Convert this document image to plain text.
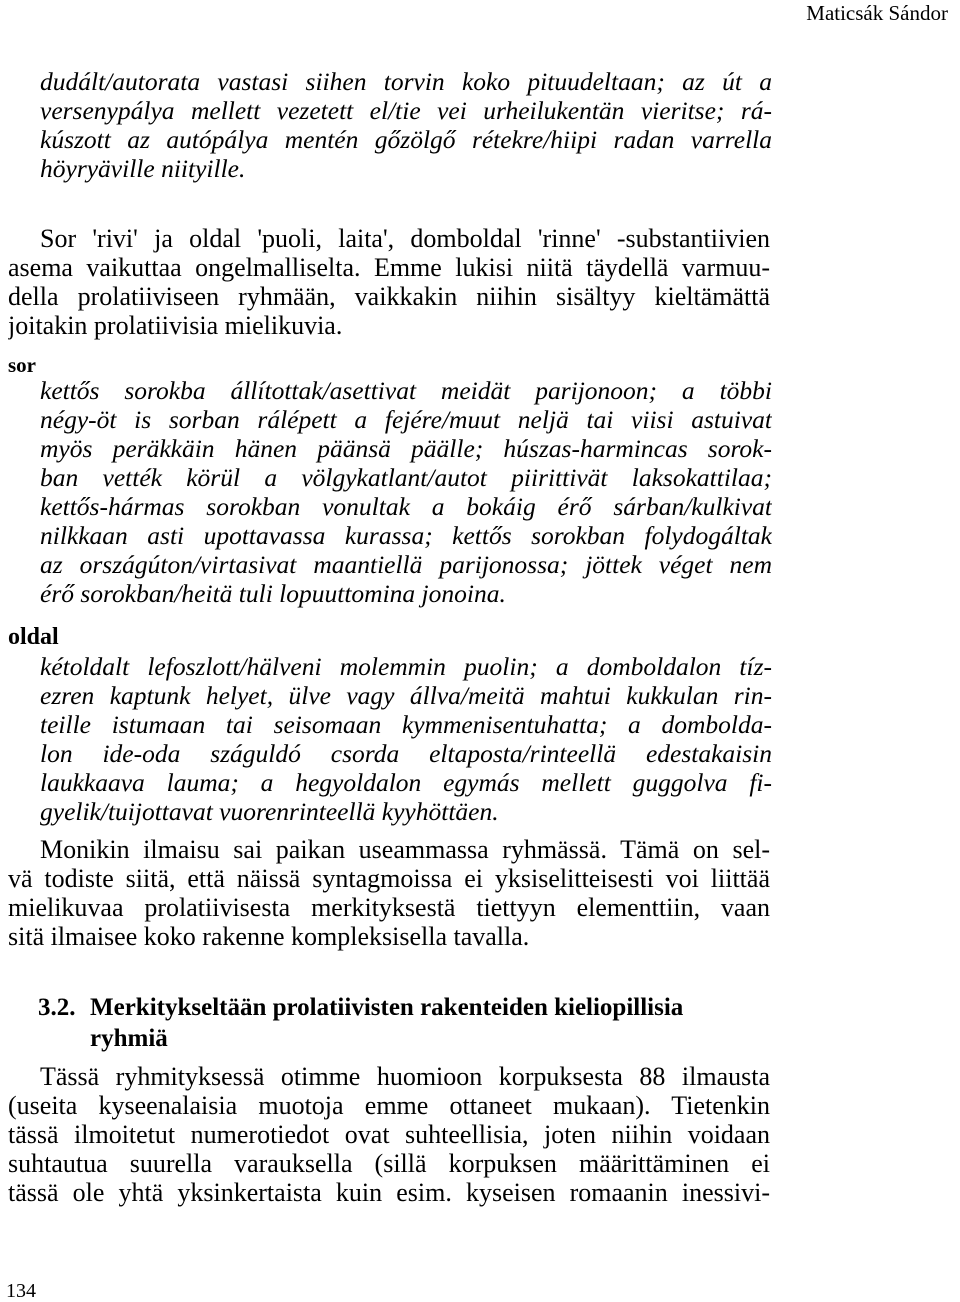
Maticsák Sándor
dudált/autorata vastasi siihen torvin koko pituudeltaan; az út a
versenypálya mellett vezetett el/tie vei urheilukentän vieritse; rá-
kúszott az autópálya mentén gőzölgő rétekre/hiipi radan varrella
höyryäville niityille.
Sor 'rivi' ja oldal 'puoli, laita', domboldal 'rinne' -substantiivien
asema vaikuttaa ongelmalliselta. Emme lukisi niitä täydellä varmuu-
della prolatiiviseen ryhmään, vaikkakin niihin sisältyy kieltämättä
joitakin prolatiivisia mielikuvia.
sor
kettős sorokba állítottak/asettivat meidät parijonoon; a többi
négy-öt is sorban rálépett a fejére/muut neljä tai viisi astuivat
myös peräkkäin hänen päänsä päälle; húszas-harmincas sorok-
ban vették körül a völgykatlant/autot piirittivät laksokattilaa;
kettős-hármas sorokban vonultak a bokáig érő sárban/kulkivat
nilkkaan asti upottavassa kurassa; kettős sorokban folydogáltak
az országúton/virtasivat maantiellä parijonossa; jöttek véget nem
érő sorokban/heitä tuli lopuuttomina jonoina.
oldal
kétoldalt lefoszlott/hälveni molemmin puolin; a domboldalon tíz-
ezren kaptunk helyet, ülve vagy állva/meitä mahtui kukkulan rin-
teille istumaan tai seisomaan kymmenisentuhatta; a dombolda-
lon ide-oda száguldó csorda eltaposta/rinteellä edestakaisin
laukkaava lauma; a hegyoldalon egymás mellett guggolva fi-
gyelik/tuijottavat vuorenrinteellä kyyhöttäen.
Monikin ilmaisu sai paikan useammassa ryhmässä. Tämä on sel-
vä todiste siitä, että näissä syntagmoissa ei yksiselitteisesti voi liittää
mielikuvaa prolatiivisesta merkityksestä tiettyyn elementtiin, vaan
sitä ilmaisee koko rakenne kompleksisella tavalla.
3.2. Merkitykseltään prolatiivisten rakenteiden kieliopillisia
ryhmiä
Tässä ryhmityksessä otimme huomioon korpuksesta 88 ilmausta
(useita kyseenalaisia muotoja emme ottaneet mukaan). Tietenkin
tässä ilmoitetut numerotiedot ovat suhteellisia, joten niihin voidaan
suhtautua suurella varauksella (sillä korpuksen määrittäminen ei
tässä ole yhtä yksinkertaista kuin esim. kyseisen romaanin inessivi-
134
